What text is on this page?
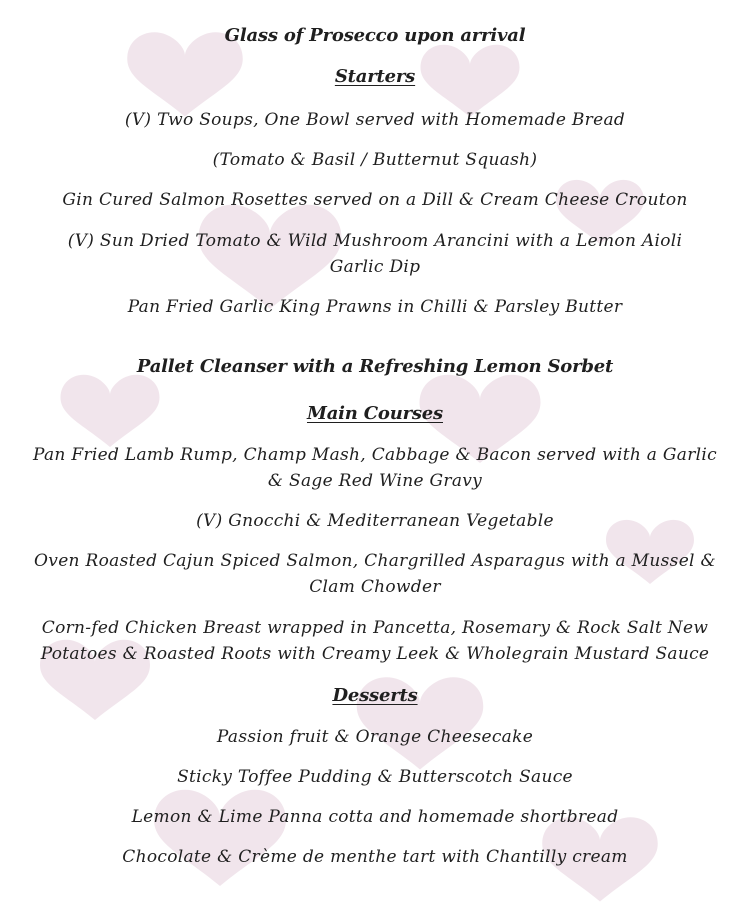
Glass of Prosecco upon arrival
Starters
(V) Two Soups, One Bowl served with Homemade Bread
(Tomato & Basil / Butternut Squash)
Gin Cured Salmon Rosettes served on a Dill & Cream Cheese Crouton
(V) Sun Dried Tomato & Wild Mushroom Arancini with a Lemon Aioli
Garlic Dip
Pan Fried Garlic King Prawns in Chilli & Parsley Butter
Pallet Cleanser with a Refreshing Lemon Sorbet
Main Courses
Pan Fried Lamb Rump, Champ Mash, Cabbage & Bacon served with a Garlic
& Sage Red Wine Gravy
(V) Gnocchi & Mediterranean Vegetable
Oven Roasted Cajun Spiced Salmon, Chargrilled Asparagus with a Mussel &
Clam Chowder
Corn-fed Chicken Breast wrapped in Pancetta, Rosemary & Rock Salt New
Potatoes & Roasted Roots with Creamy Leek & Wholegrain Mustard Sauce
Desserts
Passion fruit & Orange Cheesecake
Sticky Toffee Pudding & Butterscotch Sauce
Lemon & Lime Panna cotta and homemade shortbread
Chocolate & Crème de menthe tart with Chantilly cream
